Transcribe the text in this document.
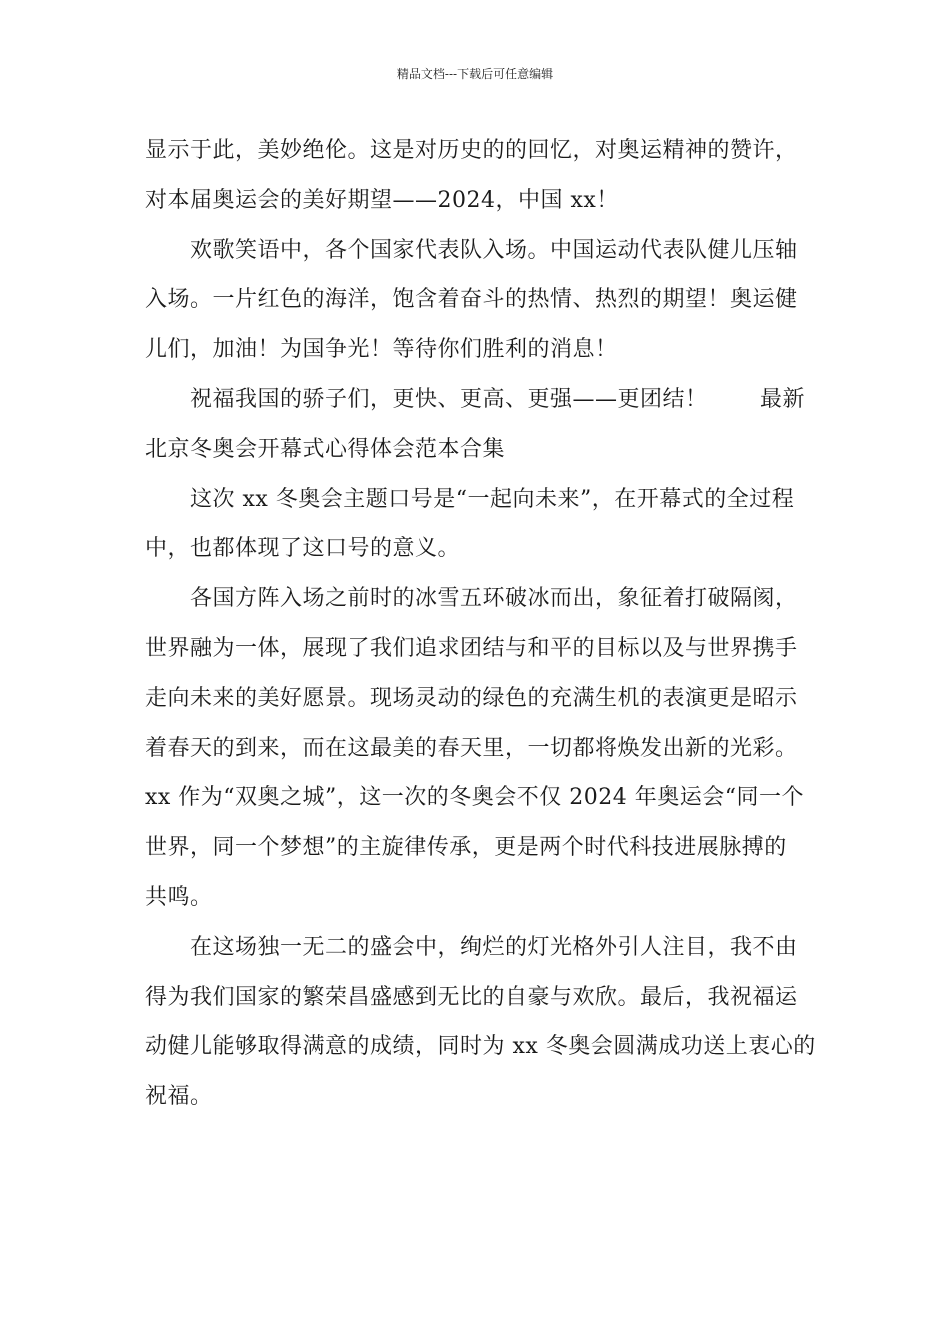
精品文档---下载后可任意编辑
显示于此，美妙绝伦。这是对历史的的回忆，对奥运精神的赞许，
对本届奥运会的美好期望——2024，中国 xx！
欢歌笑语中，各个国家代表队入场。中国运动代表队健儿压轴
入场。一片红色的海洋，饱含着奋斗的热情、热烈的期望！奥运健
儿们，加油！为国争光！等待你们胜利的消息！
祝福我国的骄子们，更快、更高、更强——更团结！　　 最新
北京冬奥会开幕式心得体会范本合集
这次 xx 冬奥会主题口号是“一起向未来”，在开幕式的全过程
中，也都体现了这口号的意义。
各国方阵入场之前时的冰雪五环破冰而出，象征着打破隔阂，
世界融为一体，展现了我们追求团结与和平的目标以及与世界携手
走向未来的美好愿景。现场灵动的绿色的充满生机的表演更是昭示
着春天的到来，而在这最美的春天里，一切都将焕发出新的光彩。
xx 作为“双奥之城”，这一次的冬奥会不仅 2024 年奥运会“同一个
世界，同一个梦想”的主旋律传承，更是两个时代科技进展脉搏的
共鸣。
在这场独一无二的盛会中，绚烂的灯光格外引人注目，我不由
得为我们国家的繁荣昌盛感到无比的自豪与欢欣。最后，我祝福运
动健儿能够取得满意的成绩，同时为 xx 冬奥会圆满成功送上衷心的
祝福。
